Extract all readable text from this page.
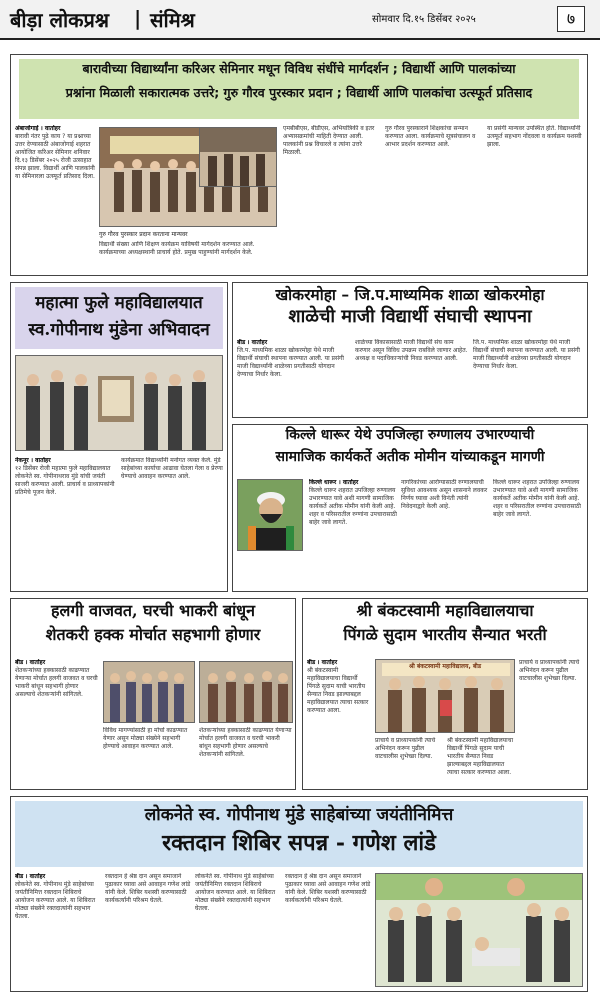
बीड़ा लोकप्रश्न | संमिश्र	सोमवार दि.१५ डिसेंबर २०२५	७
बारावीच्या विद्यार्थ्यांना करिअर सेमिनार मधून विविध संधींचे मार्गदर्शन ; विद्यार्थी आणि पालकांच्या
प्रश्नांना मिळाली सकारात्मक उत्तरे; गुरु गौरव पुरस्कार प्रदान ; विद्यार्थी आणि पालकांचा उत्स्फूर्त प्रतिसाद
अंबाजोगाई । वार्ताहर
बारावी नंतर पुढे काय ? या प्रश्नाच्या उत्तर देण्यासाठी अंबाजोगाई शहरात आयोजित करिअर सेमिनार शनिवार दि.१३ डिसेंबर २०२५ रोजी उत्साहात संपन्न झाला. विद्यार्थी आणि पालकांनी या सेमिनारला उत्स्फूर्त प्रतिसाद दिला.
गुरु गौरव पुरस्कार प्रदान करताना मान्यवर
विद्यार्थी संख्या आणि शिक्षण कार्यक्रम याविषयी मार्गदर्शन करण्यात आले. कार्यक्रमाच्या अध्यक्षस्थानी प्राचार्य होते. प्रमुख पाहुण्यांनी मार्गदर्शन केले.
एमबीबीएस, बीडीएस, अभियांत्रिकी व इतर अभ्यासक्रमांची माहिती देण्यात आली. पालकांनी प्रश्न विचारले व त्यांना उत्तरे मिळाली.
गुरु गौरव पुरस्काराने शिक्षकांचा सन्मान करण्यात आला. कार्यक्रमाचे सूत्रसंचालन व आभार प्रदर्शन करण्यात आले.
या प्रसंगी मान्यवर उपस्थित होते. विद्यार्थ्यांनी उत्स्फूर्त सहभाग नोंदवला व कार्यक्रम यशस्वी झाला.
महात्मा फुले महाविद्यालयात
स्व.गोपीनाथ मुंडेना अभिवादन
नेकनूर । वार्ताहर
१२ डिसेंबर रोजी महात्मा फुले महाविद्यालयात लोकनेते स्व. गोपीनाथराव मुंडे यांची जयंती साजरी करण्यात आली. प्राचार्य व प्राध्यापकांनी प्रतिमेचे पूजन केले.
कार्यक्रमात विद्यार्थ्यांनी मनोगत व्यक्त केले. मुंडे साहेबांच्या कार्याचा आढावा घेतला गेला व प्रेरणा घेण्याचे आवाहन करण्यात आले.
खोकरमोहा – जि.प.माध्यमिक शाळा खोकरमोहा
शाळेची माजी विद्यार्थी संघाची स्थापना
बीड । वार्ताहर
जि.प. माध्यमिक शाळा खोकरमोहा येथे माजी विद्यार्थी संघाची स्थापना करण्यात आली. या प्रसंगी माजी विद्यार्थ्यांनी शाळेच्या प्रगतीसाठी योगदान देण्याचा निर्धार केला.
शाळेच्या विकासासाठी माजी विद्यार्थी संघ काम करणार असून विविध उपक्रम राबविले जाणार आहेत. अध्यक्ष व पदाधिकाऱ्यांची निवड करण्यात आली.
जि.प. माध्यमिक शाळा खोकरमोहा येथे माजी विद्यार्थी संघाची स्थापना करण्यात आली. या प्रसंगी माजी विद्यार्थ्यांनी शाळेच्या प्रगतीसाठी योगदान देण्याचा निर्धार केला.
किल्ले धारूर येथे उपजिल्हा रुग्णालय उभारण्याची
सामाजिक कार्यकर्ते अतीक मोमीन यांच्याकडून मागणी
किल्ले धारूर । वार्ताहर
किल्ले धारूर शहरात उपजिल्हा रुग्णालय उभारण्यात यावे अशी मागणी सामाजिक कार्यकर्ते अतीक मोमीन यांनी केली आहे. शहर व परिसरातील रुग्णांना उपचारासाठी बाहेर जावे लागते.
नागरिकांच्या आरोग्यासाठी रुग्णालयाची सुविधा आवश्यक असून शासनाने लवकर निर्णय घ्यावा अशी विनंती त्यांनी निवेदनाद्वारे केली आहे.
किल्ले धारूर शहरात उपजिल्हा रुग्णालय उभारण्यात यावे अशी मागणी सामाजिक कार्यकर्ते अतीक मोमीन यांनी केली आहे. शहर व परिसरातील रुग्णांना उपचारासाठी बाहेर जावे लागते.
हलगी वाजवत, घरची भाकरी बांधून
शेतकरी हक्क मोर्चात सहभागी होणार
बीड । वार्ताहर
शेतकऱ्यांच्या हक्कासाठी काढण्यात येणाऱ्या मोर्चात हलगी वाजवत व घरची भाकरी बांधून सहभागी होणार असल्याचे शेतकऱ्यांनी सांगितले.
विविध मागण्यांसाठी हा मोर्चा काढण्यात येणार असून मोठ्या संख्येने सहभागी होण्याचे आवाहन करण्यात आले.
शेतकऱ्यांच्या हक्कासाठी काढण्यात येणाऱ्या मोर्चात हलगी वाजवत व घरची भाकरी बांधून सहभागी होणार असल्याचे शेतकऱ्यांनी सांगितले.
श्री बंकटस्वामी महाविद्यालयाचा
पिंगळे सुदाम भारतीय सैन्यात भरती
बीड । वार्ताहर
श्री बंकटस्वामी महाविद्यालयाचा विद्यार्थी पिंगळे सुदाम याची भारतीय सैन्यात निवड झाल्याबद्दल महाविद्यालयात त्याचा सत्कार करण्यात आला.
श्री बंकटस्वामी महाविद्यालय, बीड
प्राचार्य व प्राध्यापकांनी त्याचे अभिनंदन करून पुढील वाटचालीस शुभेच्छा दिल्या.
प्राचार्य व प्राध्यापकांनी त्याचे अभिनंदन करून पुढील वाटचालीस शुभेच्छा दिल्या.
श्री बंकटस्वामी महाविद्यालयाचा विद्यार्थी पिंगळे सुदाम याची भारतीय सैन्यात निवड झाल्याबद्दल महाविद्यालयात त्याचा सत्कार करण्यात आला.
लोकनेते स्व. गोपीनाथ मुंडे साहेबांच्या जयंतीनिमित्त
रक्तदान शिबिर सपन्न - गणेश लांडे
बीड । वार्ताहर
लोकनेते स्व. गोपीनाथ मुंडे साहेबांच्या जयंतीनिमित्त रक्तदान शिबिराचे आयोजन करण्यात आले. या शिबिरात मोठ्या संख्येने रक्तदात्यांनी सहभाग घेतला.
रक्तदान हे श्रेष्ठ दान असून समाजाने पुढाकार घ्यावा असे आवाहन गणेश लांडे यांनी केले. शिबिर यशस्वी करण्यासाठी कार्यकर्त्यांनी परिश्रम घेतले.
लोकनेते स्व. गोपीनाथ मुंडे साहेबांच्या जयंतीनिमित्त रक्तदान शिबिराचे आयोजन करण्यात आले. या शिबिरात मोठ्या संख्येने रक्तदात्यांनी सहभाग घेतला.
रक्तदान हे श्रेष्ठ दान असून समाजाने पुढाकार घ्यावा असे आवाहन गणेश लांडे यांनी केले. शिबिर यशस्वी करण्यासाठी कार्यकर्त्यांनी परिश्रम घेतले.
